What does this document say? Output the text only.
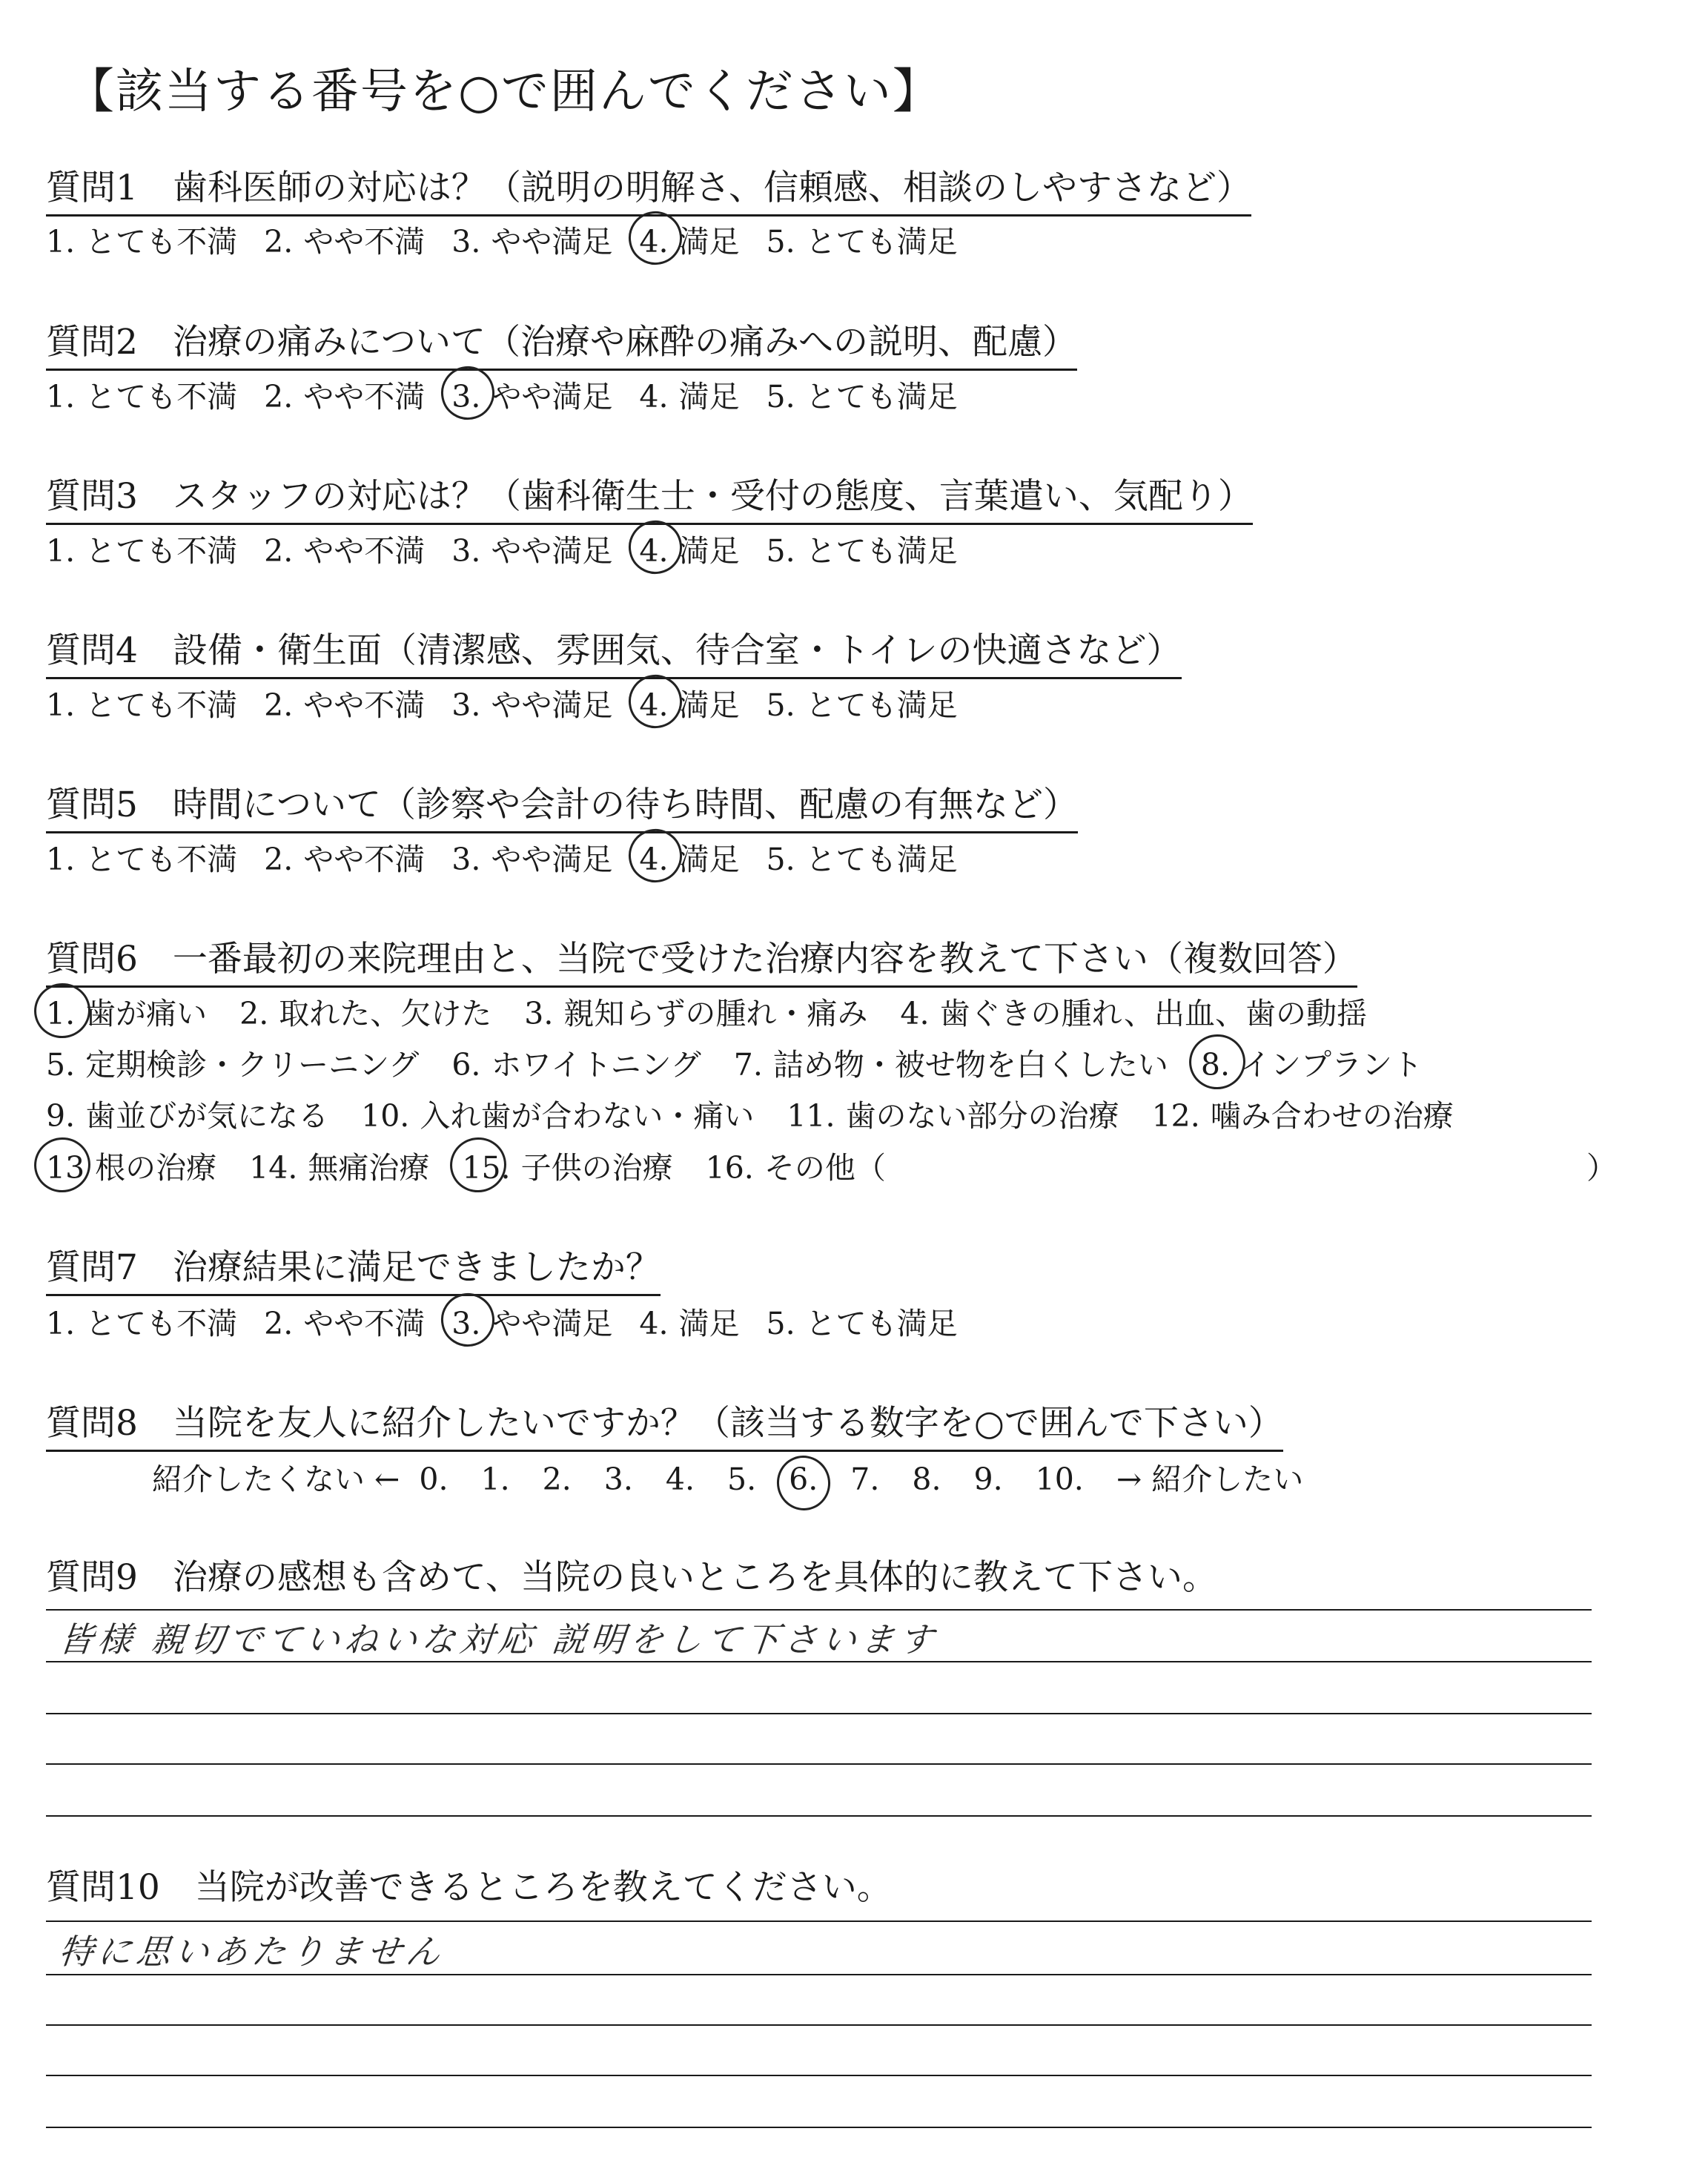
【該当する番号を○で囲んでください】
質問1　歯科医師の対応は？（説明の明解さ、信頼感、相談のしやすさなど）
1. とても不満 2. やや不満 3. やや満足 4. 満足 5. とても満足
質問2　治療の痛みについて（治療や麻酔の痛みへの説明、配慮）
1. とても不満 2. やや不満 3. やや満足 4. 満足 5. とても満足
質問3　スタッフの対応は？（歯科衛生士・受付の態度、言葉遣い、気配り）
1. とても不満 2. やや不満 3. やや満足 4. 満足 5. とても満足
質問4　設備・衛生面（清潔感、雰囲気、待合室・トイレの快適さなど）
1. とても不満 2. やや不満 3. やや満足 4. 満足 5. とても満足
質問5　時間について（診察や会計の待ち時間、配慮の有無など）
1. とても不満 2. やや不満 3. やや満足 4. 満足 5. とても満足
質問6　一番最初の来院理由と、当院で受けた治療内容を教えて下さい（複数回答）
1. 歯が痛い 2. 取れた、欠けた 3. 親知らずの腫れ・痛み 4. 歯ぐきの腫れ、出血、歯の動揺
5. 定期検診・クリーニング 6. ホワイトニング 7. 詰め物・被せ物を白くしたい 8. インプラント
9. 歯並びが気になる 10. 入れ歯が合わない・痛い 11. 歯のない部分の治療 12. 噛み合わせの治療
13 根の治療 14. 無痛治療 15. 子供の治療 16. その他（	）
質問7　治療結果に満足できましたか？
1. とても不満 2. やや不満 3. やや満足 4. 満足 5. とても満足
質問8　当院を友人に紹介したいですか？（該当する数字を○で囲んで下さい）
紹介したくない ← 0. 1. 2. 3. 4. 5. 6. 7. 8. 9. 10. → 紹介したい
質問9　治療の感想も含めて、当院の良いところを具体的に教えて下さい。
皆様 親切でていねいな対応 説明をして下さいます
質問10　当院が改善できるところを教えてください。
特に思いあたりません
